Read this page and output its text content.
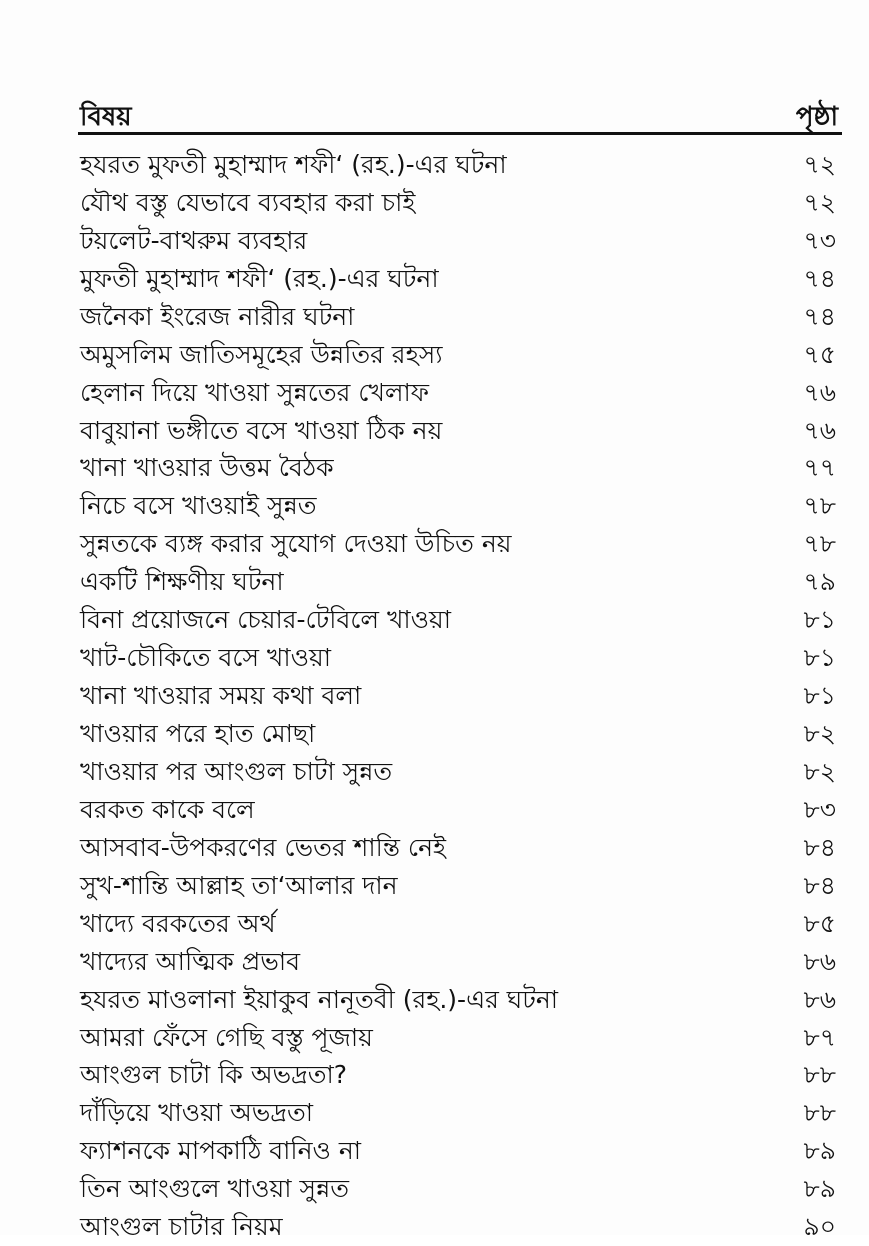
বিষয়	পৃষ্ঠা
হযরত মুফতী মুহাম্মাদ শফী‘ (রহ.)-এর ঘটনা	৭২
যৌথ বস্তু যেভাবে ব্যবহার করা চাই	৭২
টয়লেট-বাথরুম ব্যবহার	৭৩
মুফতী মুহাম্মাদ শফী‘ (রহ.)-এর ঘটনা	৭৪
জনৈকা ইংরেজ নারীর ঘটনা	৭৪
অমুসলিম জাতিসমূহের উন্নতির রহস্য	৭৫
হেলান দিয়ে খাওয়া সুন্নতের খেলাফ	৭৬
বাবুয়ানা ভঙ্গীতে বসে খাওয়া ঠিক নয়	৭৬
খানা খাওয়ার উত্তম বৈঠক	৭৭
নিচে বসে খাওয়াই সুন্নত	৭৮
সুন্নতকে ব্যঙ্গ করার সুযোগ দেওয়া উচিত নয়	৭৮
একটি শিক্ষণীয় ঘটনা	৭৯
বিনা প্রয়োজনে চেয়ার-টেবিলে খাওয়া	৮১
খাট-চৌকিতে বসে খাওয়া	৮১
খানা খাওয়ার সময় কথা বলা	৮১
খাওয়ার পরে হাত মোছা	৮২
খাওয়ার পর আংগুল চাটা সুন্নত	৮২
বরকত কাকে বলে	৮৩
আসবাব-উপকরণের ভেতর শান্তি নেই	৮৪
সুখ-শান্তি আল্লাহ তা‘আলার দান	৮৪
খাদ্যে বরকতের অর্থ	৮৫
খাদ্যের আত্মিক প্রভাব	৮৬
হযরত মাওলানা ইয়াকুব নানূতবী (রহ.)-এর ঘটনা	৮৬
আমরা ফেঁসে গেছি বস্তু পূজায়	৮৭
আংগুল চাটা কি অভদ্রতা?	৮৮
দাঁড়িয়ে খাওয়া অভদ্রতা	৮৮
ফ্যাশনকে মাপকাঠি বানিও না	৮৯
তিন আংগুলে খাওয়া সুন্নত	৮৯
আংগুল চাটার নিয়ম	৯০
